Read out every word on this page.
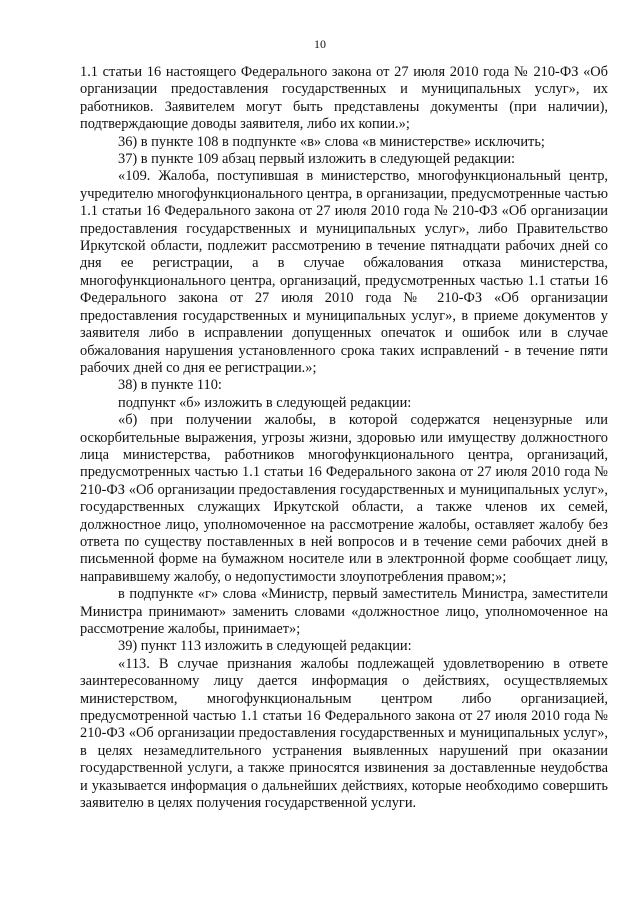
10

1.1 статьи 16 настоящего Федерального закона от 27 июля 2010 года № 210-ФЗ «Об организации предоставления государственных и муниципальных услуг», их работников. Заявителем могут быть представлены документы (при наличии), подтверждающие доводы заявителя, либо их копии.»;

36) в пункте 108 в подпункте «в» слова «в министерстве» исключить;

37) в пункте 109 абзац первый изложить в следующей редакции:

«109. Жалоба, поступившая в министерство, многофункциональный центр, учредителю многофункционального центра, в организации, предусмотренные частью 1.1 статьи 16 Федерального закона от 27 июля 2010 года № 210-ФЗ «Об организации предоставления государственных и муниципальных услуг», либо Правительство Иркутской области, подлежит рассмотрению в течение пятнадцати рабочих дней со дня ее регистрации, а в случае обжалования отказа министерства, многофункционального центра, организаций, предусмотренных частью 1.1 статьи 16 Федерального закона от 27 июля 2010 года № 210-ФЗ «Об организации предоставления государственных и муниципальных услуг», в приеме документов у заявителя либо в исправлении допущенных опечаток и ошибок или в случае обжалования нарушения установленного срока таких исправлений - в течение пяти рабочих дней со дня ее регистрации.»;

38) в пункте 110:

подпункт «б» изложить в следующей редакции:

«б) при получении жалобы, в которой содержатся нецензурные или оскорбительные выражения, угрозы жизни, здоровью или имуществу должностного лица министерства, работников многофункционального центра, организаций, предусмотренных частью 1.1 статьи 16 Федерального закона от 27 июля 2010 года № 210-ФЗ «Об организации предоставления государственных и муниципальных услуг», государственных служащих Иркутской области, а также членов их семей, должностное лицо, уполномоченное на рассмотрение жалобы, оставляет жалобу без ответа по существу поставленных в ней вопросов и в течение семи рабочих дней в письменной форме на бумажном носителе или в электронной форме сообщает лицу, направившему жалобу, о недопустимости злоупотребления правом;»;

в подпункте «г» слова «Министр, первый заместитель Министра, заместители Министра принимают» заменить словами «должностное лицо, уполномоченное на рассмотрение жалобы, принимает»;

39) пункт 113 изложить в следующей редакции:

«113. В случае признания жалобы подлежащей удовлетворению в ответе заинтересованному лицу дается информация о действиях, осуществляемых министерством, многофункциональным центром либо организацией, предусмотренной частью 1.1 статьи 16 Федерального закона от 27 июля 2010 года № 210-ФЗ «Об организации предоставления государственных и муниципальных услуг», в целях незамедлительного устранения выявленных нарушений при оказании государственной услуги, а также приносятся извинения за доставленные неудобства и указывается информация о дальнейших действиях, которые необходимо совершить заявителю в целях получения государственной услуги.
